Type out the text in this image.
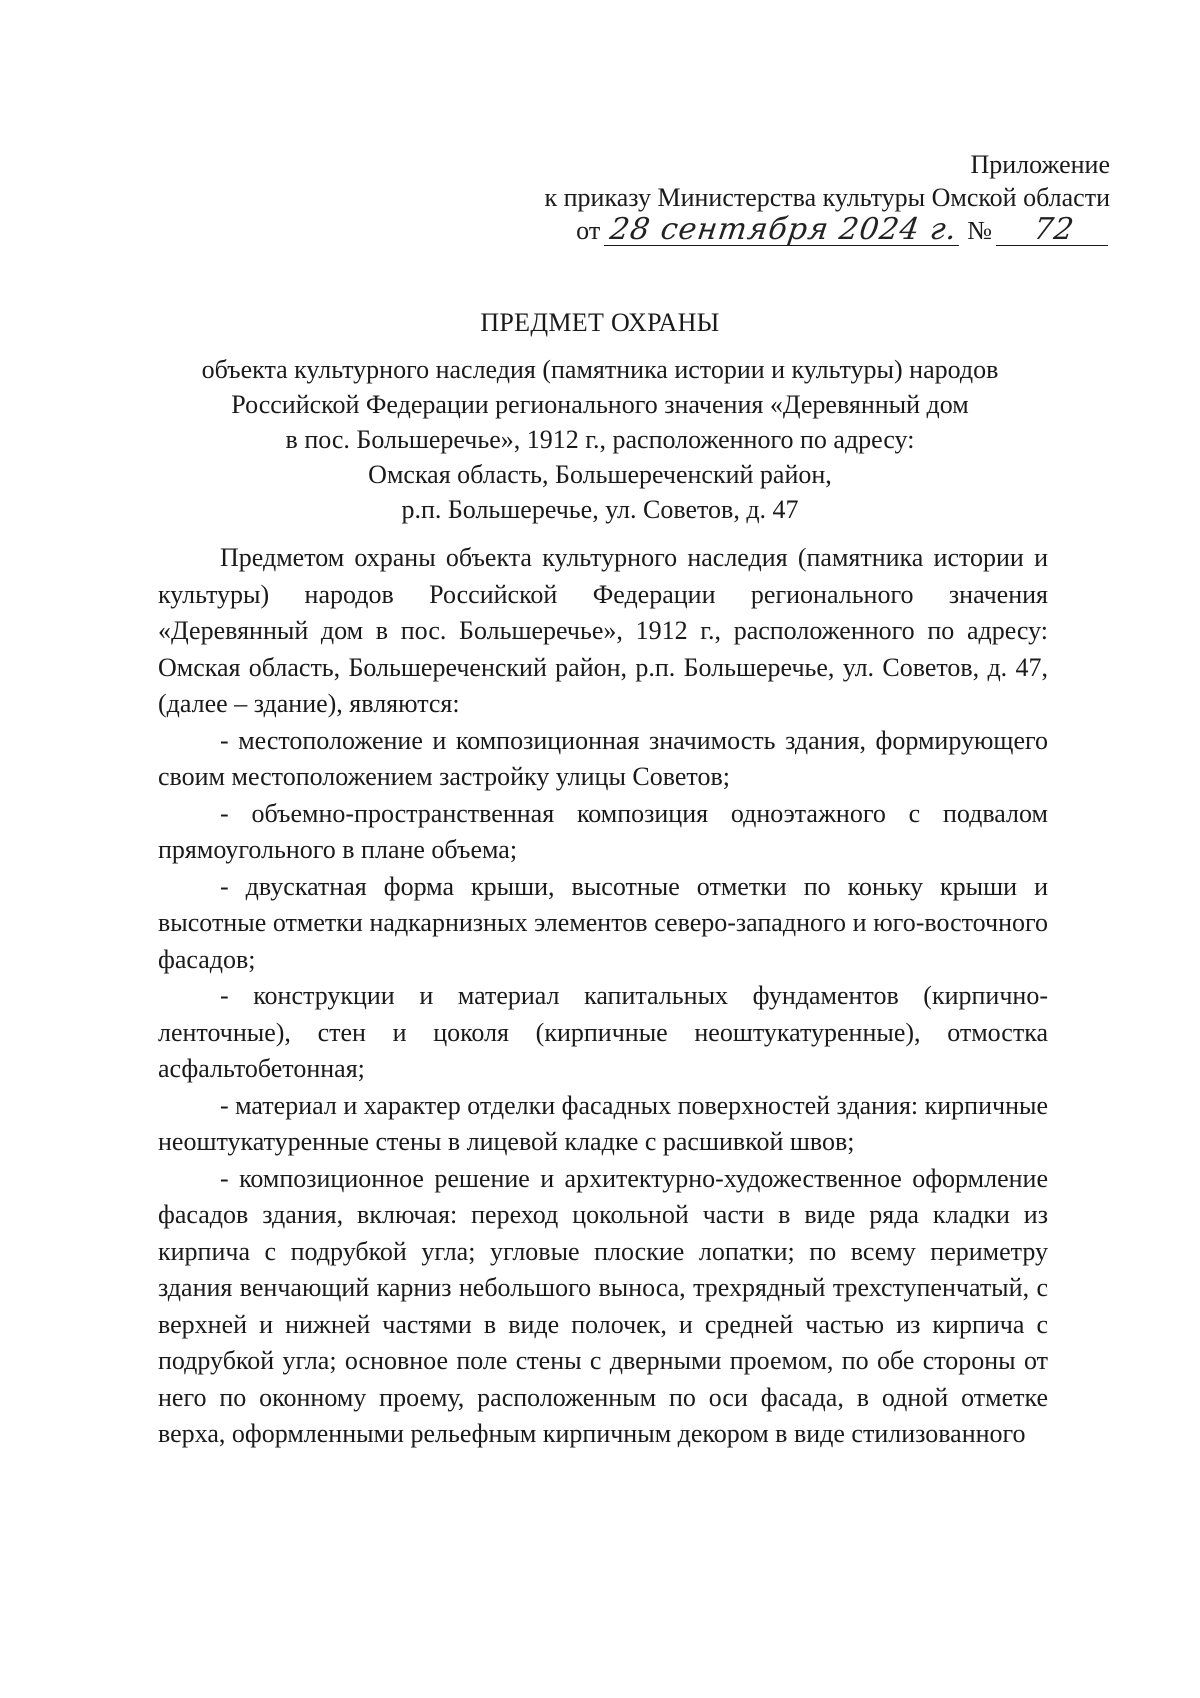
Приложение
к приказу Министерства культуры Омской области
от 28 сентября 2024 г. №	72
ПРЕДМЕТ ОХРАНЫ
объекта культурного наследия (памятника истории и культуры) народов
Российской Федерации регионального значения «Деревянный дом
в пос. Большеречье», 1912 г., расположенного по адресу:
Омская область, Большереченский район,
р.п. Большеречье, ул. Советов, д. 47

Предметом охраны объекта культурного наследия (памятника истории и культуры) народов Российской Федерации регионального значения «Деревянный дом в пос. Большеречье», 1912 г., расположенного по адресу: Омская область, Большереченский район, р.п. Большеречье, ул. Советов, д. 47, (далее – здание), являются:

- местоположение и композиционная значимость здания, формирующего своим местоположением застройку улицы Советов;

- объемно-пространственная композиция одноэтажного с подвалом прямоугольного в плане объема;

- двускатная форма крыши, высотные отметки по коньку крыши и высотные отметки надкарнизных элементов северо-западного и юго-восточного фасадов;

- конструкции и материал капитальных фундаментов (кирпично-ленточные), стен и цоколя (кирпичные неоштукатуренные), отмостка асфальтобетонная;

- материал и характер отделки фасадных поверхностей здания: кирпичные неоштукатуренные стены в лицевой кладке с расшивкой швов;

- композиционное решение и архитектурно-художественное оформление фасадов здания, включая: переход цокольной части в виде ряда кладки из кирпича с подрубкой угла; угловые плоские лопатки; по всему периметру здания венчающий карниз небольшого выноса, трехрядный трехступенчатый, с верхней и нижней частями в виде полочек, и средней частью из кирпича с подрубкой угла; основное поле стены с дверными проемом, по обе стороны от него по оконному проему, расположенным по оси фасада, в одной отметке верха, оформленными рельефным кирпичным декором в виде стилизованного
